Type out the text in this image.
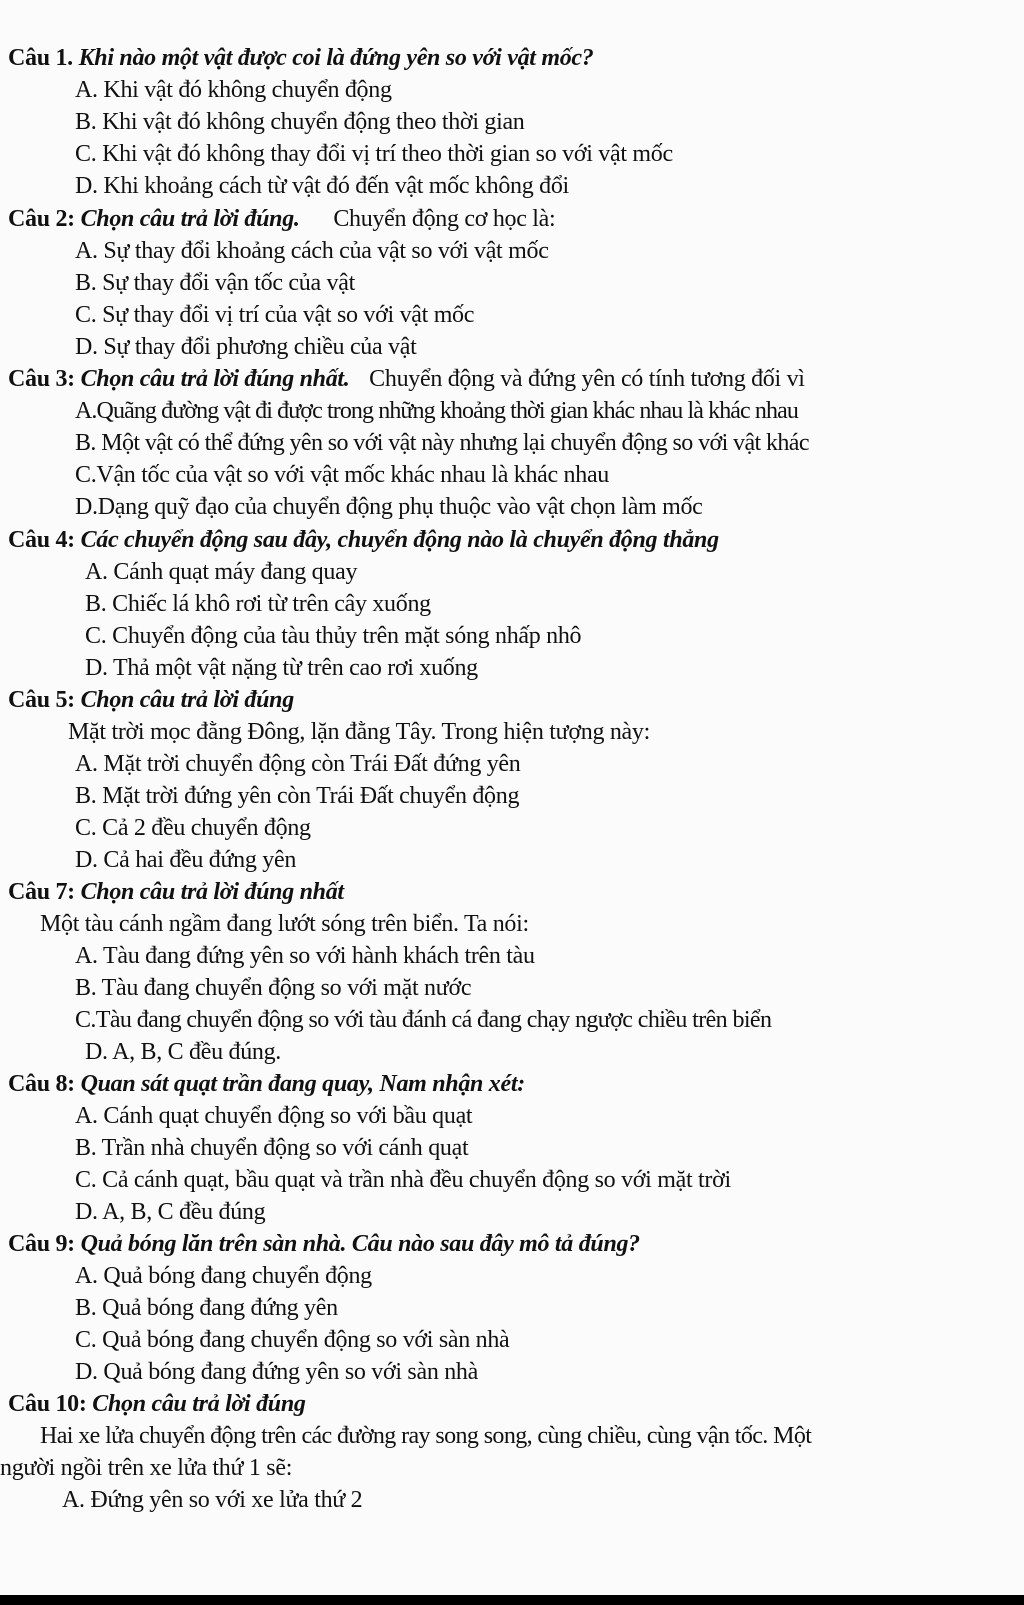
Câu 1. Khi nào một vật được coi là đứng yên so với vật mốc?
A. Khi vật đó không chuyển động
B. Khi vật đó không chuyển động theo thời gian
C. Khi vật đó không thay đổi vị trí theo thời gian so với vật mốc
D. Khi khoảng cách từ vật đó đến vật mốc không đổi
Câu 2: Chọn câu trả lời đúng. Chuyển động cơ học là:
A. Sự thay đổi khoảng cách của vật so với vật mốc
B. Sự thay đổi vận tốc của vật
C. Sự thay đổi vị trí của vật so với vật mốc
D. Sự thay đổi phương chiều của vật
Câu 3: Chọn câu trả lời đúng nhất. Chuyển động và đứng yên có tính tương đối vì
A.Quãng đường vật đi được trong những khoảng thời gian khác nhau là khác nhau
B. Một vật có thể đứng yên so với vật này nhưng lại chuyển động so với vật khác
C.Vận tốc của vật so với vật mốc khác nhau là khác nhau
D.Dạng quỹ đạo của chuyển động phụ thuộc vào vật chọn làm mốc
Câu 4: Các chuyển động sau đây, chuyển động nào là chuyển động thẳng
A. Cánh quạt máy đang quay
B. Chiếc lá khô rơi từ trên cây xuống
C. Chuyển động của tàu thủy trên mặt sóng nhấp nhô
D. Thả một vật nặng từ trên cao rơi xuống
Câu 5: Chọn câu trả lời đúng
Mặt trời mọc đằng Đông, lặn đằng Tây. Trong hiện tượng này:
A. Mặt trời chuyển động còn Trái Đất đứng yên
B. Mặt trời đứng yên còn Trái Đất chuyển động
C. Cả 2 đều chuyển động
D. Cả hai đều đứng yên
Câu 7: Chọn câu trả lời đúng nhất
Một tàu cánh ngầm đang lướt sóng trên biển. Ta nói:
A. Tàu đang đứng yên so với hành khách trên tàu
B. Tàu đang chuyển động so với mặt nước
C.Tàu đang chuyển động so với tàu đánh cá đang chạy ngược chiều trên biển
D. A, B, C đều đúng.
Câu 8: Quan sát quạt trần đang quay, Nam nhận xét:
A. Cánh quạt chuyển động so với bầu quạt
B. Trần nhà chuyển động so với cánh quạt
C. Cả cánh quạt, bầu quạt và trần nhà đều chuyển động so với mặt trời
D. A, B, C đều đúng
Câu 9: Quả bóng lăn trên sàn nhà. Câu nào sau đây mô tả đúng?
A. Quả bóng đang chuyển động
B. Quả bóng đang đứng yên
C. Quả bóng đang chuyển động so với sàn nhà
D. Quả bóng đang đứng yên so với sàn nhà
Câu 10: Chọn câu trả lời đúng
Hai xe lửa chuyển động trên các đường ray song song, cùng chiều, cùng vận tốc. Một
người ngồi trên xe lửa thứ 1 sẽ:
A. Đứng yên so với xe lửa thứ 2
